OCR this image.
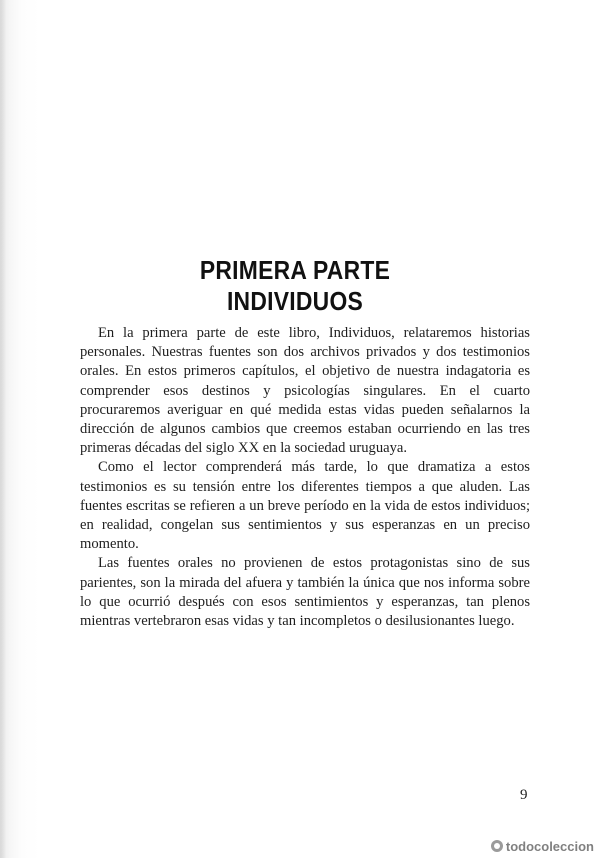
PRIMERA PARTE
INDIVIDUOS

En la primera parte de este libro, Individuos, relataremos historias personales. Nuestras fuentes son dos archivos privados y dos testimonios orales. En estos primeros capítulos, el objetivo de nuestra indagatoria es comprender esos destinos y psicologías singulares. En el cuarto procuraremos averiguar en qué medida estas vidas pueden señalarnos la dirección de algunos cambios que creemos estaban ocurriendo en las tres primeras décadas del siglo XX en la sociedad uruguaya.

Como el lector comprenderá más tarde, lo que dramatiza a estos testimonios es su tensión entre los diferentes tiempos a que aluden. Las fuentes escritas se refieren a un breve período en la vida de estos individuos; en realidad, congelan sus sentimientos y sus esperanzas en un preciso momento.

Las fuentes orales no provienen de estos protagonistas sino de sus parientes, son la mirada del afuera y también la única que nos informa sobre lo que ocurrió después con esos sentimientos y esperanzas, tan plenos mientras vertebraron esas vidas y tan incompletos o desilusionantes luego.

9
todocoleccion
